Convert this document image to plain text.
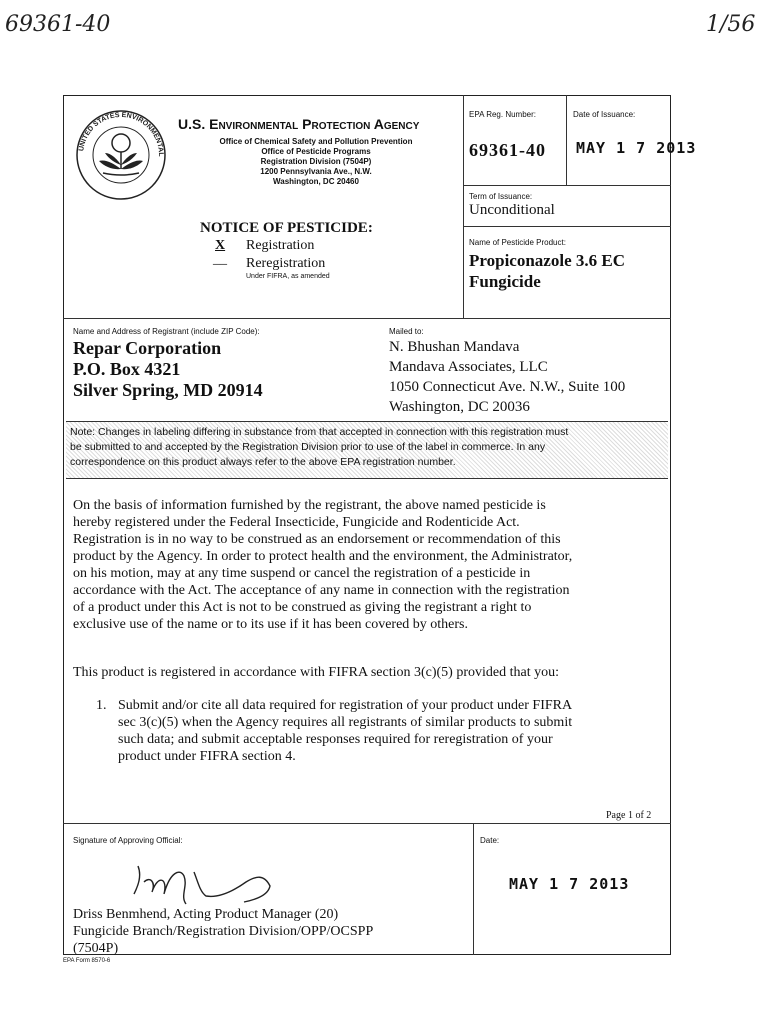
69361-40	1/56
UNITED STATES ENVIRONMENTAL
U.S. Environmental Protection Agency
Office of Chemical Safety and Pollution Prevention
Office of Pesticide Programs
Registration Division (7504P)
1200 Pennsylvania Ave., N.W.
Washington, DC 20460
NOTICE OF PESTICIDE:
X Registration
__ Reregistration
Under FIFRA, as amended
EPA Reg. Number:
69361-40
Date of Issuance:
MAY 1 7 2013
Term of Issuance:
Unconditional
Name of Pesticide Product:
Propiconazole 3.6 EC
Fungicide
Name and Address of Registrant (include ZIP Code):
Repar Corporation
P.O. Box 4321
Silver Spring, MD 20914
Mailed to:
N. Bhushan Mandava
Mandava Associates, LLC
1050 Connecticut Ave. N.W., Suite 100
Washington, DC 20036
Note: Changes in labeling differing in substance from that accepted in connection with this registration must
be submitted to and accepted by the Registration Division prior to use of the label in commerce. In any
correspondence on this product always refer to the above EPA registration number.
On the basis of information furnished by the registrant, the above named pesticide is
hereby registered under the Federal Insecticide, Fungicide and Rodenticide Act.
Registration is in no way to be construed as an endorsement or recommendation of this
product by the Agency. In order to protect health and the environment, the Administrator,
on his motion, may at any time suspend or cancel the registration of a pesticide in
accordance with the Act. The acceptance of any name in connection with the registration
of a product under this Act is not to be construed as giving the registrant a right to
exclusive use of the name or to its use if it has been covered by others.
This product is registered in accordance with FIFRA section 3(c)(5) provided that you:
1. Submit and/or cite all data required for registration of your product under FIFRA
sec 3(c)(5) when the Agency requires all registrants of similar products to submit
such data; and submit acceptable responses required for reregistration of your
product under FIFRA section 4.
Page 1 of 2
Signature of Approving Official:
Driss Benmhend, Acting Product Manager (20)
Fungicide Branch/Registration Division/OPP/OCSPP
(7504P)
Date:
MAY 1 7 2013
EPA Form 8570-6
